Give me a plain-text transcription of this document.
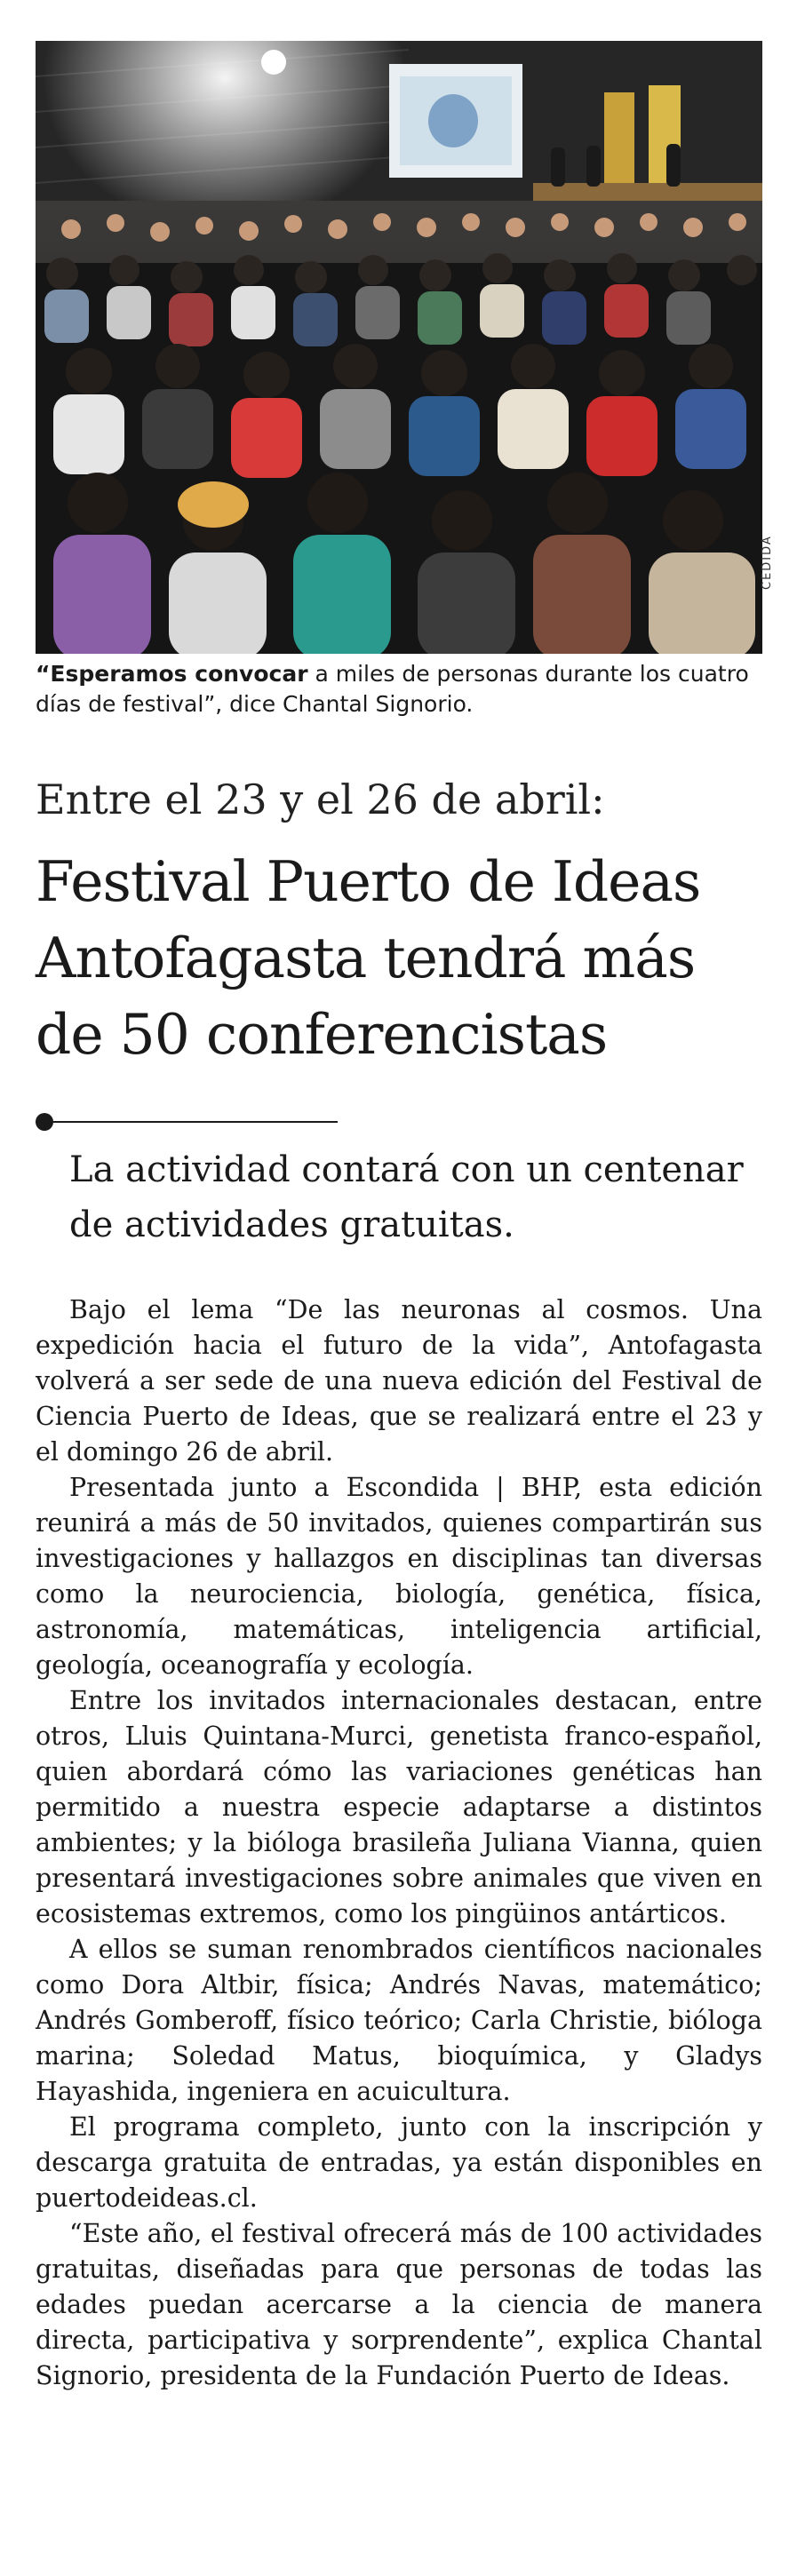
CEDIDA
“Esperamos convocar a miles de personas durante los cuatro días de festival”, dice Chantal Signorio.
Entre el 23 y el 26 de abril:
Festival Puerto de Ideas Antofagasta tendrá más de 50 conferencistas
La actividad contará con un centenar de actividades gratuitas.

Bajo el lema “De las neuronas al cosmos. Una expedición hacia el futuro de la vida”, Antofagasta volverá a ser sede de una nueva edición del Festival de Ciencia Puerto de Ideas, que se realizará entre el 23 y el domingo 26 de abril.

Presentada junto a Escondida | BHP, esta edición reunirá a más de 50 invitados, quienes compartirán sus investigaciones y hallazgos en disciplinas tan diversas como la neurociencia, biología, genética, física, astronomía, matemáticas, inteligencia artificial, geología, oceanografía y ecología.

Entre los invitados internacionales destacan, entre otros, Lluis Quintana-Murci, genetista franco-español, quien abordará cómo las variaciones genéticas han permitido a nuestra especie adaptarse a distintos ambientes; y la bióloga brasileña Juliana Vianna, quien presentará investigaciones sobre animales que viven en ecosistemas extremos, como los pingüinos antárticos.

A ellos se suman renombrados científicos nacionales como Dora Altbir, física; Andrés Navas, matemático; Andrés Gomberoff, físico teórico; Carla Christie, bióloga marina; Soledad Matus, bioquímica, y Gladys Hayashida, ingeniera en acuicultura.

El programa completo, junto con la inscripción y descarga gratuita de entradas, ya están disponibles en puertodeideas.cl.

“Este año, el festival ofrecerá más de 100 actividades gratuitas, diseñadas para que personas de todas las edades puedan acercarse a la ciencia de manera directa, participativa y sorprendente”, explica Chantal Signorio, presidenta de la Fundación Puerto de Ideas.
